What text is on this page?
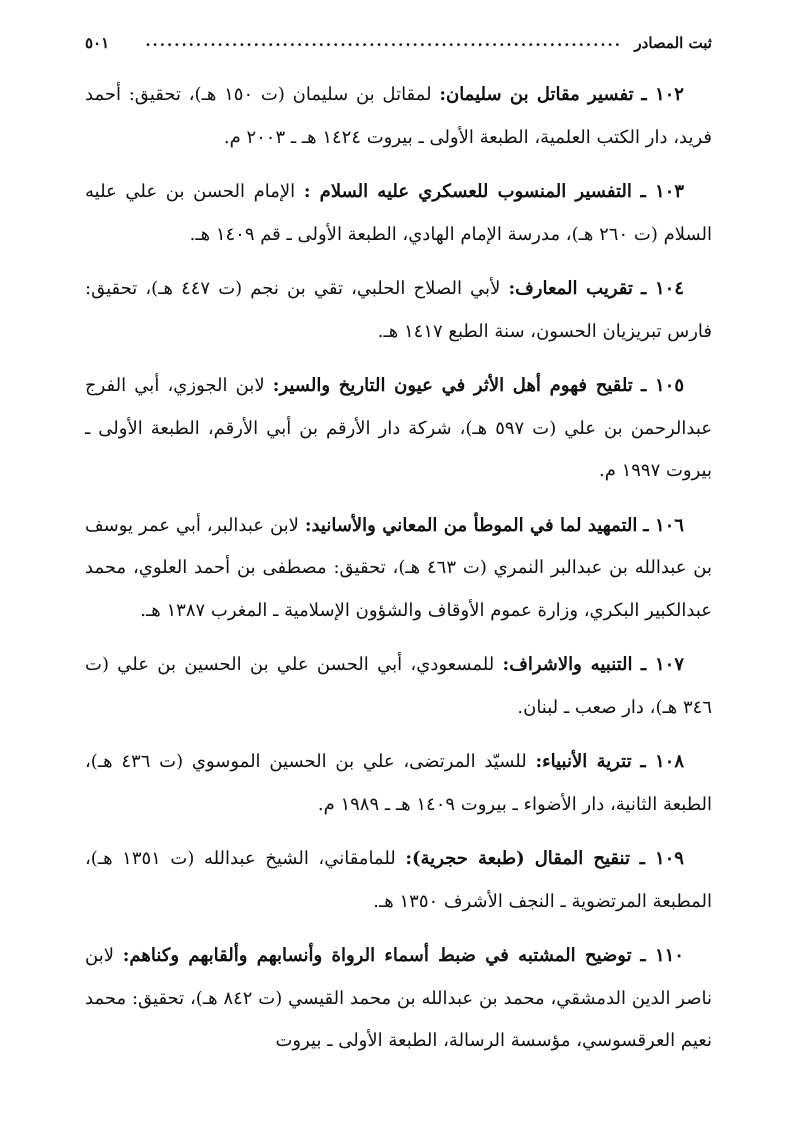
ثبت المصادر
..................................................................
٥٠١

١٠٢ ـ تفسير مقاتل بن سليمان: لمقاتل بن سليمان (ت ١٥٠ هـ)، تحقيق: أحمد فريد، دار الكتب العلمية، الطبعة الأولى ـ بيروت ١٤٢٤ هـ ـ ٢٠٠٣ م.

١٠٣ ـ التفسير المنسوب للعسكري عليه السلام : الإمام الحسن بن علي عليه السلام (ت ٢٦٠ هـ)، مدرسة الإمام الهادي، الطبعة الأولى ـ قم ١٤٠٩ هـ.

١٠٤ ـ تقريب المعارف: لأبي الصلاح الحلبي، تقي بن نجم (ت ٤٤٧ هـ)، تحقيق: فارس تبريزيان الحسون، سنة الطبع ١٤١٧ هـ.

١٠٥ ـ تلقيح فهوم أهل الأثر في عيون التاريخ والسير: لابن الجوزي، أبي الفرج عبدالرحمن بن علي (ت ٥٩٧ هـ)، شركة دار الأرقم بن أبي الأرقم، الطبعة الأولى ـ بيروت ١٩٩٧ م.

١٠٦ ـ التمهيد لما في الموطأ من المعاني والأسانيد: لابن عبدالبر، أبي عمر يوسف بن عبدالله بن عبدالبر النمري (ت ٤٦٣ هـ)، تحقيق: مصطفى بن أحمد العلوي، محمد عبدالكبير البكري، وزارة عموم الأوقاف والشؤون الإسلامية ـ المغرب ١٣٨٧ هـ.

١٠٧ ـ التنبيه والاشراف: للمسعودي، أبي الحسن علي بن الحسين بن علي (ت ٣٤٦ هـ)، دار صعب ـ لبنان.

١٠٨ ـ تترية الأنبياء: للسيّد المرتضى، علي بن الحسين الموسوي (ت ٤٣٦ هـ)، الطبعة الثانية، دار الأضواء ـ بيروت ١٤٠٩ هـ ـ ١٩٨٩ م.

١٠٩ ـ تنقيح المقال (طبعة حجرية): للمامقاني، الشيخ عبدالله (ت ١٣٥١ هـ)، المطبعة المرتضوية ـ النجف الأشرف ١٣٥٠ هـ.

١١٠ ـ توضيح المشتبه في ضبط أسماء الرواة وأنسابهم وألقابهم وكناهم: لابن ناصر الدين الدمشقي، محمد بن عبدالله بن محمد القيسي (ت ٨٤٢ هـ)، تحقيق: محمد نعيم العرقسوسي، مؤسسة الرسالة، الطبعة الأولى ـ بيروت
